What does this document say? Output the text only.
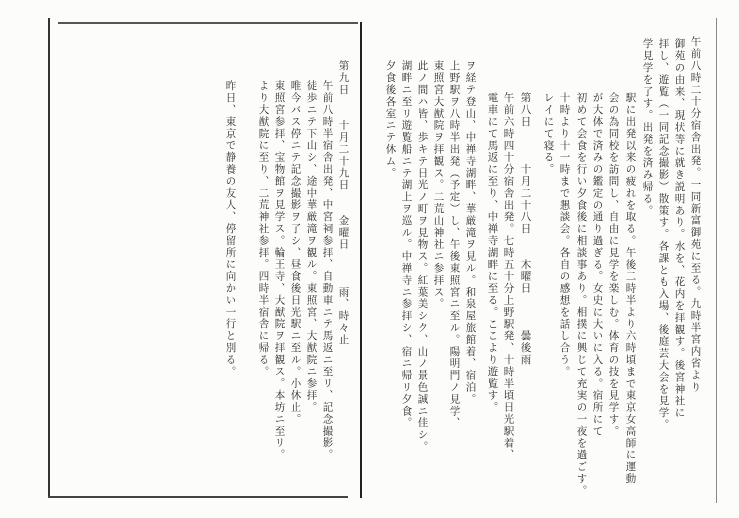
午前八時二十分宿舎出発。一同新富御苑に至る。九時半宮内省より
御苑の由来、現状等に就き説明あり。水を、花内を拝観す。後宮神社に
拝し、遊覧（一同記念撮影）散策す。各課とも入場、後庭芸大会を見学。
学見学を了す。出発を済み帰る。
駅に出発以来の疲れを取る。午後二時半より六時頃まで東京女高師に運動
会の為同校を訪問し、自由に見学を楽しむ。体育の技を見学す。
が大体で済みの鑑定の通り過ぎる。女史に大いに入る。宿所にて
初めて会食を行い夕食後に相談事あり。相撲に興じて充実の一夜を過ごす。
十時より十一時まで懇談会。各自の感想を話し合う。
レイにて寝る。
第八日　　　十月二十八日　　木曜日　　　曇後雨
午前六時四十分宿舎出発。七時五十分上野駅発、十時半頃日光駅着、
電車にて馬返に至り、中禅寺湖畔に至る。ここより遊覧す。
ヲ経テ登山、中禅寺湖畔、華厳滝ヲ見ル。和泉屋旅館着、宿泊。
上野駅ヲ八時半出発（予定）し、午後東照宮ニ至ル。陽明門ノ見学、
東照宮大猷院ヲ拝観ス。二荒山神社ニ参拝ス。
此ノ間ハ皆、歩キテ日光ノ町ヲ見物ス。紅葉美シク、山ノ景色誠ニ佳シ。
湖畔ニ至リ遊覧船ニテ湖上ヲ巡ル。中禅寺ニ参拝シ、宿ニ帰リ夕食。
夕食後各室ニテ休ム。
第九日　　十月二十九日　　金曜日　　　雨、時々止
午前八時半宿舎出発、中宮祠参拝、自動車ニテ馬返ニ至リ、記念撮影。
徒歩ニテ下山シ、途中華厳滝ヲ観ル。東照宮、大猷院ニ参拝。
唯今バス停ニテ記念撮影ヲ了シ、昼食後日光駅ニ至ル。小休止。
東照宮参拝、宝物館ヲ見学ス。輪王寺、大猷院ヲ拝観ス。本坊ニ至リ。
より大猷院に至り、二荒神社参拝。四時半宿舎に帰る。
昨日、東京で静養の友人、停留所に向かい一行と別る。
